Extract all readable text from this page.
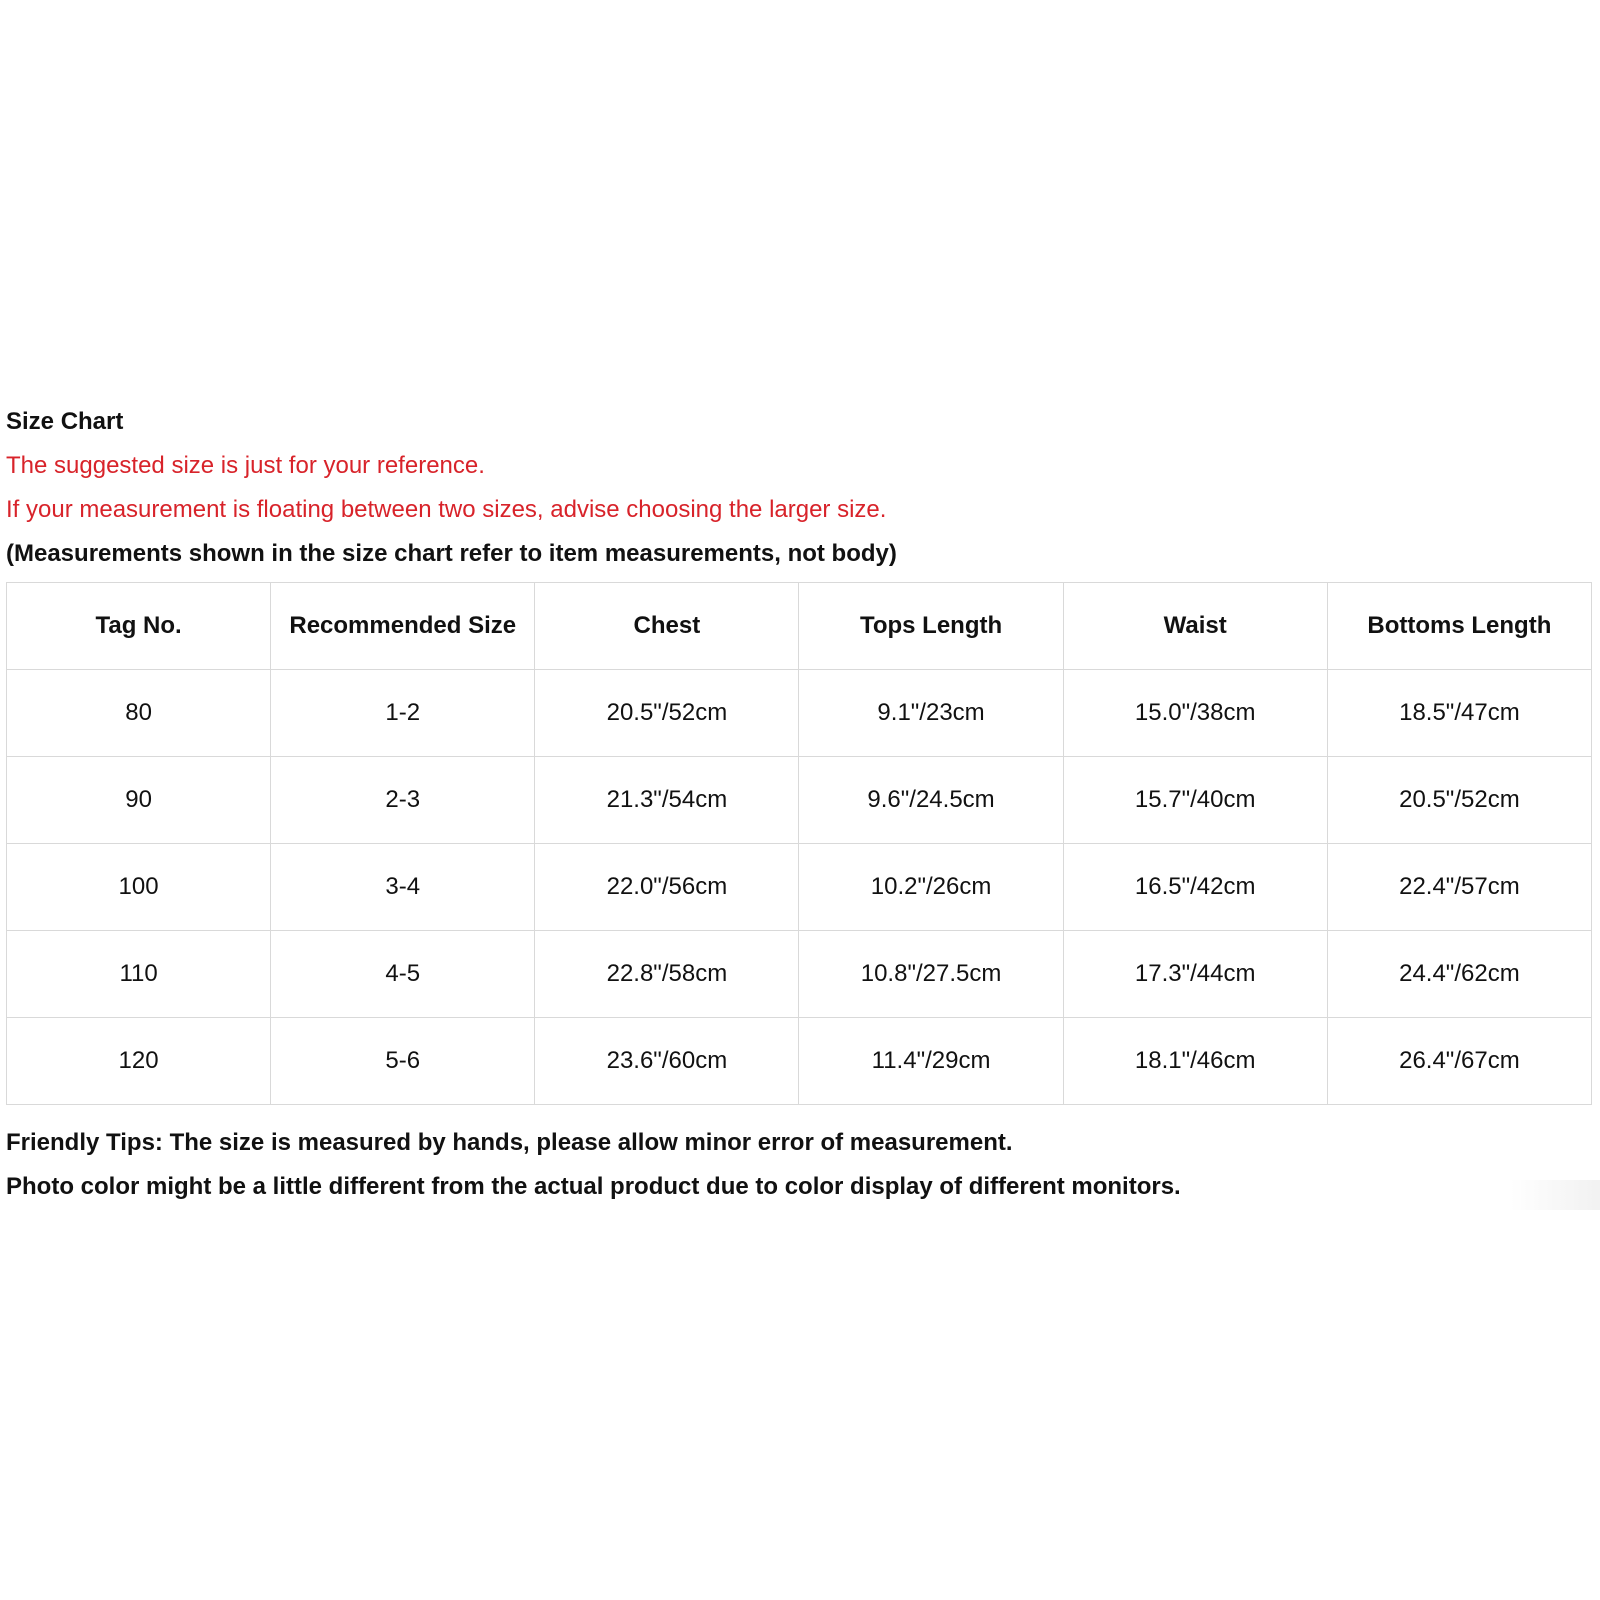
Size Chart
The suggested size is just for your reference.
If your measurement is floating between two sizes, advise choosing the larger size.
(Measurements shown in the size chart refer to item measurements, not body)
Tag No.	Recommended Size	Chest	Tops Length	Waist	Bottoms Length
80	1-2	20.5"/52cm	9.1"/23cm	15.0"/38cm	18.5"/47cm
90	2-3	21.3"/54cm	9.6"/24.5cm	15.7"/40cm	20.5"/52cm
100	3-4	22.0"/56cm	10.2"/26cm	16.5"/42cm	22.4"/57cm
110	4-5	22.8"/58cm	10.8"/27.5cm	17.3"/44cm	24.4"/62cm
120	5-6	23.6"/60cm	11.4"/29cm	18.1"/46cm	26.4"/67cm
Friendly Tips: The size is measured by hands, please allow minor error of measurement.
Photo color might be a little different from the actual product due to color display of different monitors.
